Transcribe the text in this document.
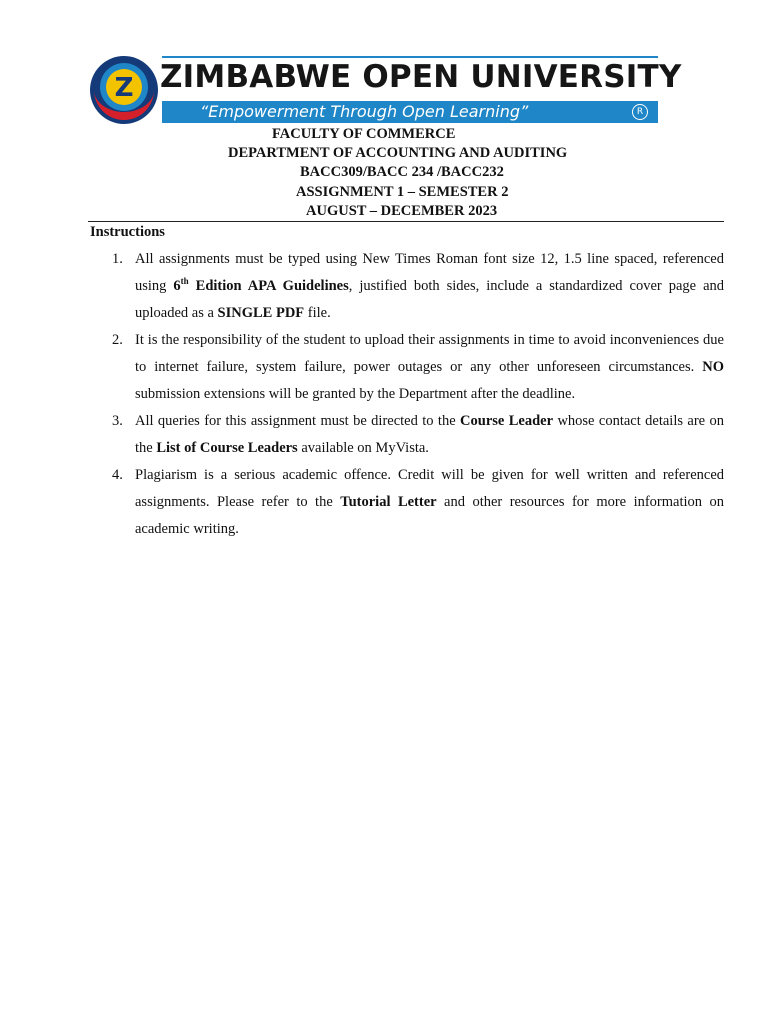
Z ZIMBABWE OPEN UNIVERSITY
“Empowerment Through Open Learning”	R
FACULTY OF COMMERCE
DEPARTMENT OF ACCOUNTING AND AUDITING
BACC309/BACC 234 /BACC232
ASSIGNMENT 1 – SEMESTER 2
AUGUST – DECEMBER 2023
Instructions
1. All assignments must be typed using New Times Roman font size 12, 1.5 line spaced, referenced using 6th Edition APA Guidelines, justified both sides, include a standardized cover page and uploaded as a SINGLE PDF file.
2. It is the responsibility of the student to upload their assignments in time to avoid inconveniences due to internet failure, system failure, power outages or any other unforeseen circumstances. NO submission extensions will be granted by the Department after the deadline.
3. All queries for this assignment must be directed to the Course Leader whose contact details are on the List of Course Leaders available on MyVista.
4. Plagiarism is a serious academic offence. Credit will be given for well written and referenced assignments. Please refer to the Tutorial Letter and other resources for more information on academic writing.
